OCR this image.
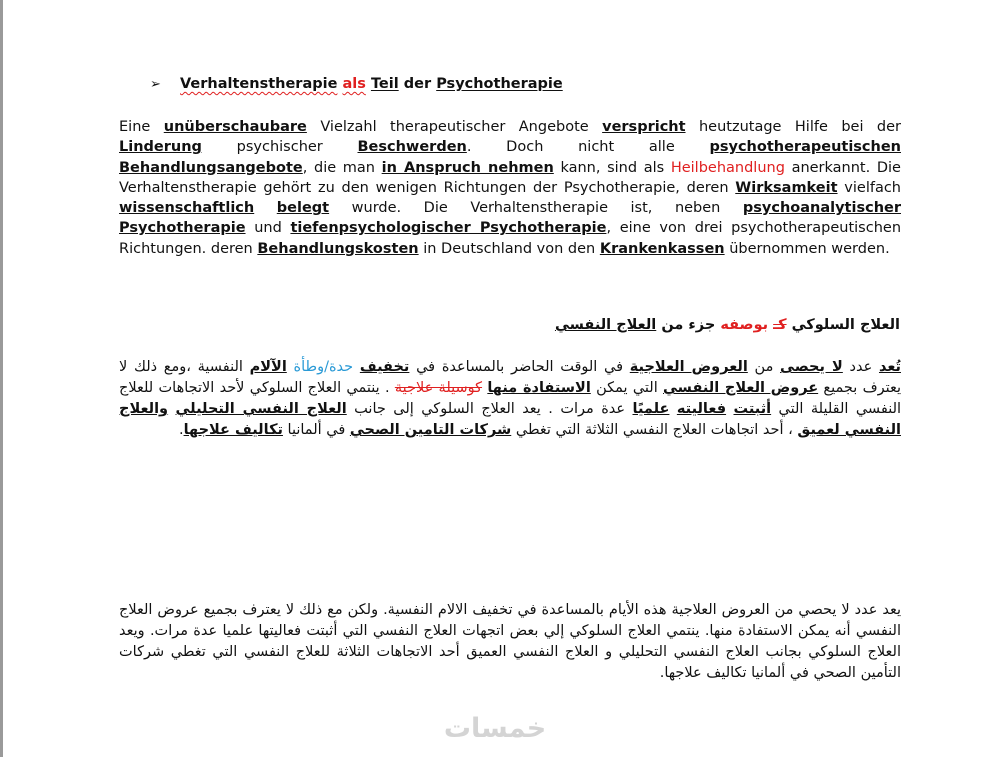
➢	Verhaltenstherapie
als
Teil
der
Psychotherapie
Eine unüberschaubare Vielzahl therapeutischer Angebote verspricht heutzutage Hilfe bei der Linderung psychischer Beschwerden. Doch nicht alle psychotherapeutischen Behandlungsangebote, die man in Anspruch nehmen kann, sind als Heilbehandlung anerkannt. Die Verhaltenstherapie gehört zu den wenigen Richtungen der Psychotherapie, deren Wirksamkeit vielfach wissenschaftlich belegt wurde. Die Verhaltenstherapie ist, neben psychoanalytischer Psychotherapie und tiefenpsychologischer Psychotherapie, eine von drei psychotherapeutischen Richtungen. deren Behandlungskosten in Deutschland von den Krankenkassen übernommen werden.
العلاج السلوكي كـ بوصفه جزء من العلاج النفسي
تُعد عدد لا يحصى من العروض العلاجية في الوقت الحاضر بالمساعدة في تخفيف حدة/وطأة الآلام النفسية ،ومع ذلك لا يعترف بجميع عروض العلاج النفسي التي يمكن الاستفادة منها كوسيلة علاجية . ينتمي العلاج السلوكي لأحد الاتجاهات للعلاج النفسي القليلة التي أثبتت فعاليته علميًا عدة مرات . يعد العلاج السلوكي إلى جانب العلاج النفسي التحليلي والعلاج النفسي لعميق ، أحد اتجاهات العلاج النفسي الثلاثة التي تغطي شركات التامين الصحي في ألمانيا تكاليف علاجها.
يعد عدد لا يحصي من العروض العلاجية هذه الأيام بالمساعدة في تخفيف الالام النفسية. ولكن مع ذلك لا يعترف بجميع عروض العلاج النفسي أنه يمكن الاستفادة منها. ينتمي العلاج السلوكي إلي بعض اتجهات العلاج النفسي التي أثبتت فعاليتها علميا عدة مرات. ويعد العلاج السلوكي بجانب العلاج النفسي التحليلي و العلاج النفسي العميق أحد الاتجاهات الثلاثة للعلاج النفسي التي تغطي شركات التأمين الصحي في ألمانيا تكاليف علاجها.
خمسات
